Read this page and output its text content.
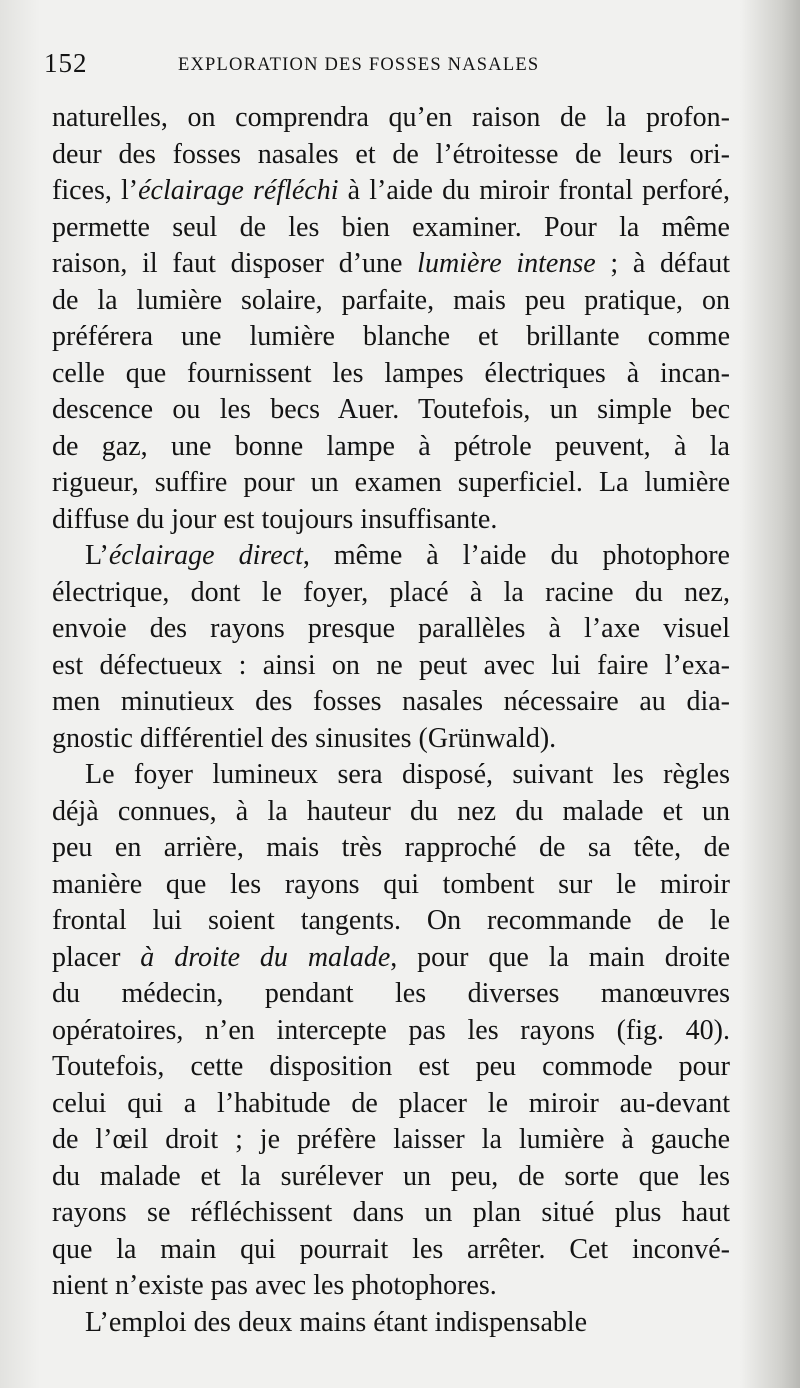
152	EXPLORATION DES FOSSES NASALES
naturelles, on comprendra qu’en raison de la profon-
deur des fosses nasales et de l’étroitesse de leurs ori-
fices, l’éclairage réfléchi à l’aide du miroir frontal perforé,
permette seul de les bien examiner. Pour la même
raison, il faut disposer d’une lumière intense ; à défaut
de la lumière solaire, parfaite, mais peu pratique, on
préférera une lumière blanche et brillante comme
celle que fournissent les lampes électriques à incan-
descence ou les becs Auer. Toutefois, un simple bec
de gaz, une bonne lampe à pétrole peuvent, à la
rigueur, suffire pour un examen superficiel. La lumière
diffuse du jour est toujours insuffisante.
L’éclairage direct, même à l’aide du photophore
électrique, dont le foyer, placé à la racine du nez,
envoie des rayons presque parallèles à l’axe visuel
est défectueux : ainsi on ne peut avec lui faire l’exa-
men minutieux des fosses nasales nécessaire au dia-
gnostic différentiel des sinusites (Grünwald).
Le foyer lumineux sera disposé, suivant les règles
déjà connues, à la hauteur du nez du malade et un
peu en arrière, mais très rapproché de sa tête, de
manière que les rayons qui tombent sur le miroir
frontal lui soient tangents. On recommande de le
placer à droite du malade, pour que la main droite
du médecin, pendant les diverses manœuvres
opératoires, n’en intercepte pas les rayons (fig. 40).
Toutefois, cette disposition est peu commode pour
celui qui a l’habitude de placer le miroir au-devant
de l’œil droit ; je préfère laisser la lumière à gauche
du malade et la surélever un peu, de sorte que les
rayons se réfléchissent dans un plan situé plus haut
que la main qui pourrait les arrêter. Cet inconvé-
nient n’existe pas avec les photophores.
L’emploi des deux mains étant indispensable
